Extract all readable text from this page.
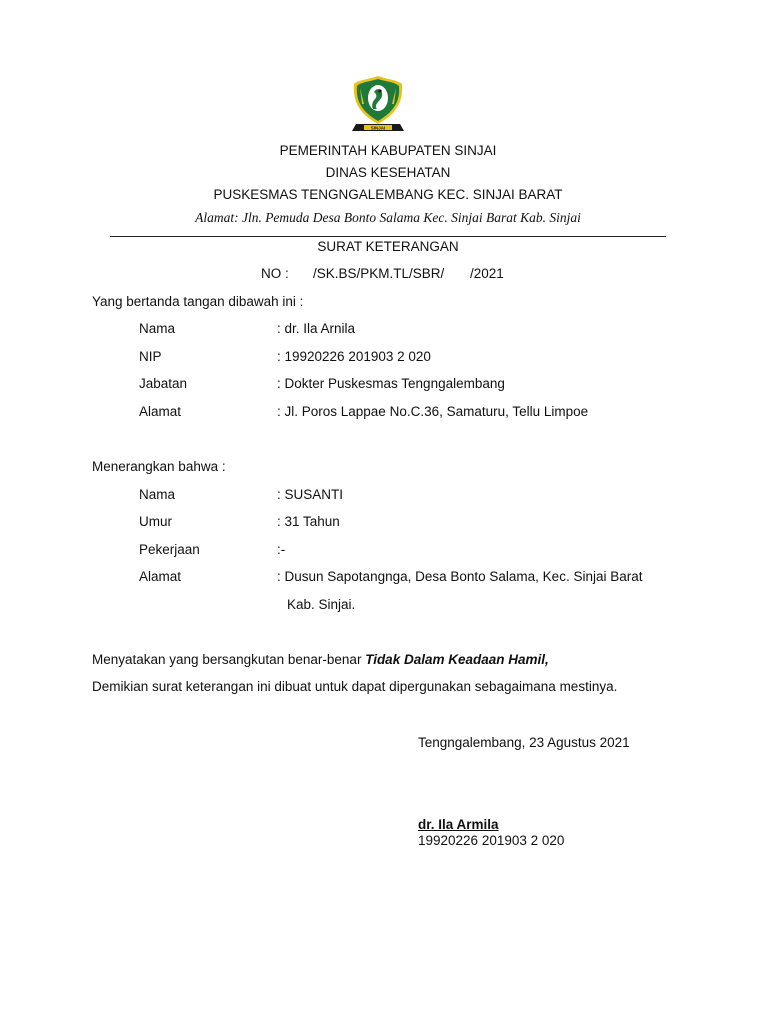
SINJAI
PEMERINTAH KABUPATEN SINJAI
DINAS KESEHATAN
PUSKESMAS TENGNGALEMBANG KEC. SINJAI BARAT
Alamat: Jln. Pemuda Desa Bonto Salama Kec. Sinjai Barat Kab. Sinjai
SURAT KETERANGAN
NO : /SK.BS/PKM.TL/SBR/ /2021
Yang bertanda tangan dibawah ini :
Nama	: dr. Ila Arnila
NIP	: 19920226 201903 2 020
Jabatan	: Dokter Puskesmas Tengngalembang
Alamat	: Jl. Poros Lappae No.C.36, Samaturu, Tellu Limpoe
Menerangkan bahwa :
Nama	: SUSANTI
Umur	: 31 Tahun
Pekerjaan	:-
Alamat	: Dusun Sapotangnga, Desa Bonto Salama, Kec. Sinjai Barat
Kab. Sinjai.
Menyatakan yang bersangkutan benar-benar Tidak Dalam Keadaan Hamil,
Demikian surat keterangan ini dibuat untuk dapat dipergunakan sebagaimana mestinya.
Tengngalembang, 23 Agustus 2021
dr. Ila Armila
19920226 201903 2 020
